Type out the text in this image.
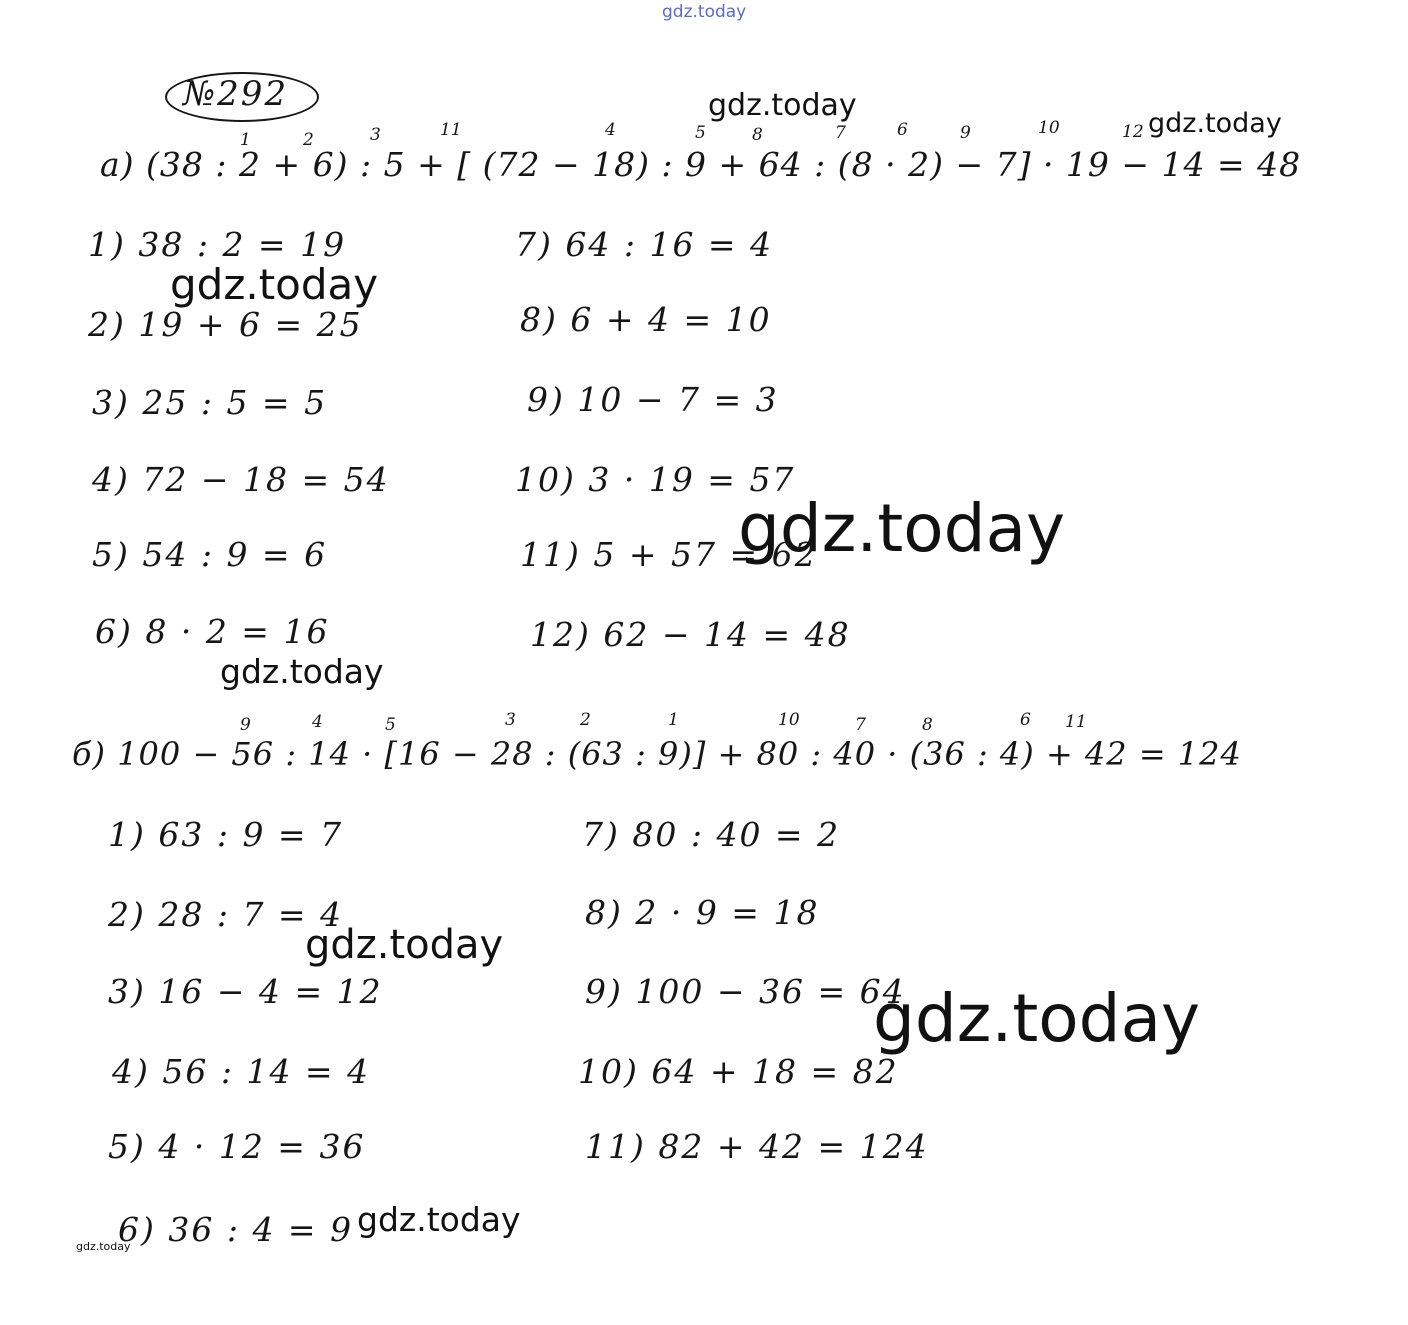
gdz.today
gdz.today
gdz.today
gdz.today
gdz.today
gdz.today
gdz.today
gdz.today
gdz.today
gdz.today
№292
а) (38 : 2 + 6) : 5 + [ (72 − 18) : 9 + 64 : (8 · 2) − 7] · 19 − 14 = 48
1	2	3	11	4	5	8	7	6	9	10	12
1) 38 : 2 = 19
2) 19 + 6 = 25
3) 25 : 5 = 5
4) 72 − 18 = 54
5) 54 : 9 = 6
6) 8 · 2 = 16
7) 64 : 16 = 4
8) 6 + 4 = 10
9) 10 − 7 = 3
10) 3 · 19 = 57
11) 5 + 57 = 62
12) 62 − 14 = 48
б) 100 − 56 : 14 · [16 − 28 : (63 : 9)] + 80 : 40 · (36 : 4) + 42 = 124
9	4	5	3	2	1	10	7	8	6 11
1) 63 : 9 = 7
2) 28 : 7 = 4
3) 16 − 4 = 12
4) 56 : 14 = 4
5) 4 · 12 = 36
6) 36 : 4 = 9
7) 80 : 40 = 2
8) 2 · 9 = 18
9) 100 − 36 = 64
10) 64 + 18 = 82
11) 82 + 42 = 124
